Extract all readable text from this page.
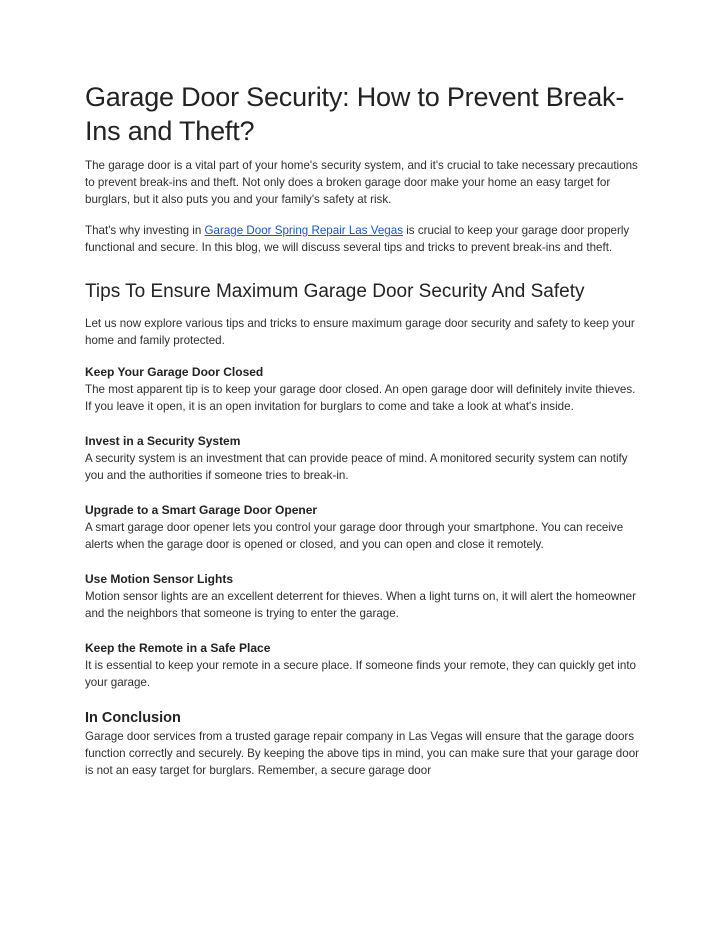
Garage Door Security: How to Prevent Break-Ins and Theft?

The garage door is a vital part of your home's security system, and it's crucial to take necessary precautions to prevent break-ins and theft. Not only does a broken garage door make your home an easy target for burglars, but it also puts you and your family's safety at risk.

That's why investing in Garage Door Spring Repair Las Vegas is crucial to keep your garage door properly functional and secure. In this blog, we will discuss several tips and tricks to prevent break-ins and theft.

Tips To Ensure Maximum Garage Door Security And Safety

Let us now explore various tips and tricks to ensure maximum garage door security and safety to keep your home and family protected.

Keep Your Garage Door Closed

The most apparent tip is to keep your garage door closed. An open garage door will definitely invite thieves. If you leave it open, it is an open invitation for burglars to come and take a look at what's inside.

Invest in a Security System

A security system is an investment that can provide peace of mind. A monitored security system can notify you and the authorities if someone tries to break-in.

Upgrade to a Smart Garage Door Opener

A smart garage door opener lets you control your garage door through your smartphone. You can receive alerts when the garage door is opened or closed, and you can open and close it remotely.

Use Motion Sensor Lights

Motion sensor lights are an excellent deterrent for thieves. When a light turns on, it will alert the homeowner and the neighbors that someone is trying to enter the garage.

Keep the Remote in a Safe Place

It is essential to keep your remote in a secure place. If someone finds your remote, they can quickly get into your garage.

In Conclusion

Garage door services from a trusted garage repair company in Las Vegas will ensure that the garage doors function correctly and securely. By keeping the above tips in mind, you can make sure that your garage door is not an easy target for burglars. Remember, a secure garage door
